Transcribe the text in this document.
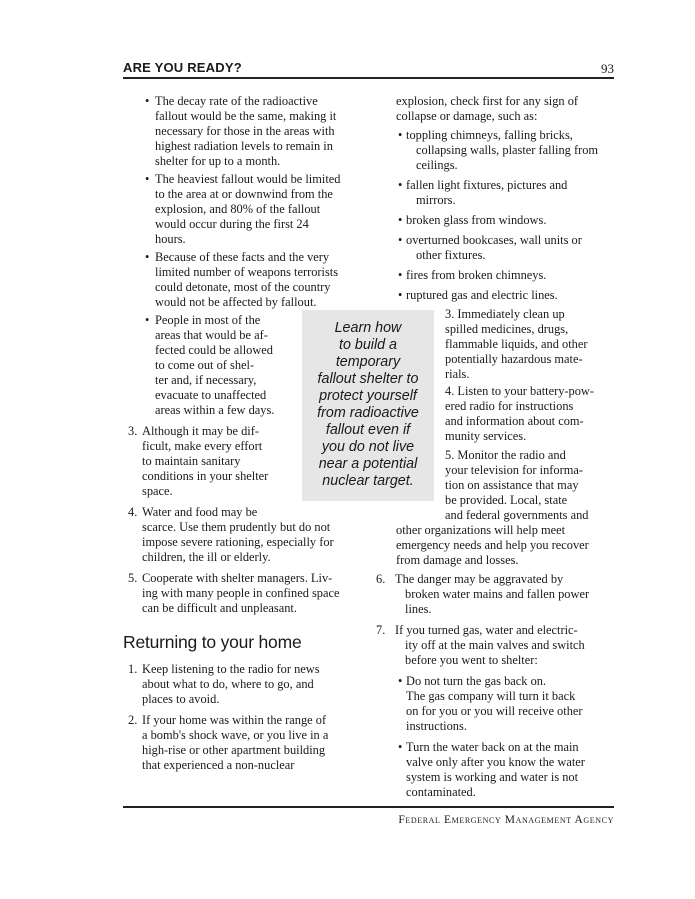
ARE YOU READY?	93
• The decay rate of the radioactive
fallout would be the same, making it
necessary for those in the areas with
highest radiation levels to remain in
shelter for up to a month.
• The heaviest fallout would be limited
to the area at or downwind from the
explosion, and 80% of the fallout
would occur during the first 24
hours.
• Because of these facts and the very
limited number of weapons terrorists
could detonate, most of the country
would not be affected by fallout.
• People in most of the
areas that would be af-
fected could be allowed
to come out of shel-
ter and, if necessary,
evacuate to unaffected
areas within a few days.
3. Although it may be dif-
ficult, make every effort
to maintain sanitary
conditions in your shelter
space.
4. Water and food may be
scarce. Use them prudently but do not
impose severe rationing, especially for
children, the ill or elderly.
5. Cooperate with shelter managers. Liv-
ing with many people in confined space
can be difficult and unpleasant.
Learn how
to build a
temporary
fallout shelter to
protect yourself
from radioactive
fallout even if
you do not live
near a potential
nuclear target.
Returning to your home
1. Keep listening to the radio for news
about what to do, where to go, and
places to avoid.
2. If your home was within the range of
a bomb's shock wave, or you live in a
high-rise or other apartment building
that experienced a non-nuclear
explosion, check first for any sign of
collapse or damage, such as:
• toppling chimneys, falling bricks,
collapsing walls, plaster falling from
ceilings.
• fallen light fixtures, pictures and
mirrors.
• broken glass from windows.
• overturned bookcases, wall units or
other fixtures.
• fires from broken chimneys.
• ruptured gas and electric lines.
3. Immediately clean up
spilled medicines, drugs,
flammable liquids, and other
potentially hazardous mate-
rials.
4. Listen to your battery-pow-
ered radio for instructions
and information about com-
munity services.
5. Monitor the radio and
your television for informa-
tion on assistance that may
be provided. Local, state
and federal governments and
other organizations will help meet
emergency needs and help you recover
from damage and losses.
6. The danger may be aggravated by
broken water mains and fallen power
lines.
7. If you turned gas, water and electric-
ity off at the main valves and switch
before you went to shelter:
• Do not turn the gas back on.
The gas company will turn it back
on for you or you will receive other
instructions.
• Turn the water back on at the main
valve only after you know the water
system is working and water is not
contaminated.
Federal Emergency Management Agency
